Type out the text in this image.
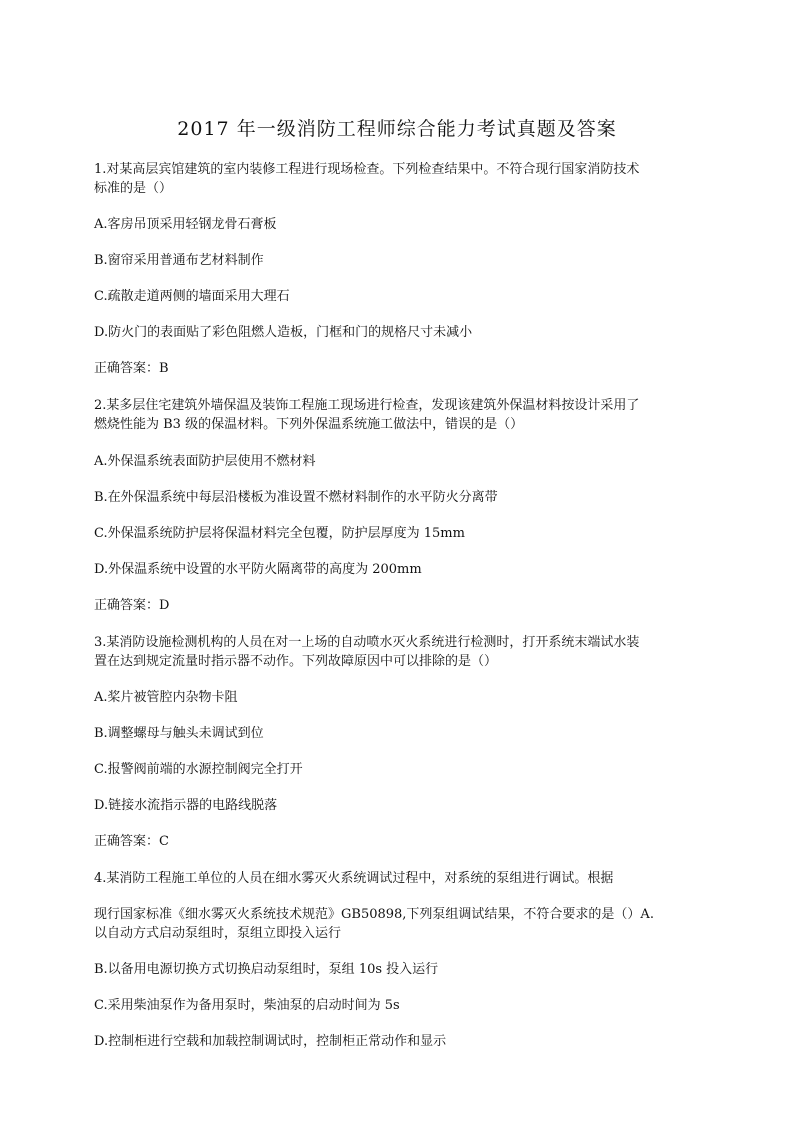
2017 年一级消防工程师综合能力考试真题及答案
1.对某高层宾馆建筑的室内装修工程进行现场检查。下列检查结果中。不符合现行国家消防技术
标准的是（）
A.客房吊顶采用轻钢龙骨石膏板
B.窗帘采用普通布艺材料制作
C.疏散走道两侧的墙面采用大理石
D.防火门的表面贴了彩色阻燃人造板，门框和门的规格尺寸未减小
正确答案：B
2.某多层住宅建筑外墙保温及装饰工程施工现场进行检查，发现该建筑外保温材料按设计采用了
燃烧性能为 B3 级的保温材料。下列外保温系统施工做法中，错误的是（）
A.外保温系统表面防护层使用不燃材料
B.在外保温系统中每层沿楼板为准设置不燃材料制作的水平防火分离带
C.外保温系统防护层将保温材料完全包覆，防护层厚度为 15mm
D.外保温系统中设置的水平防火隔离带的高度为 200mm
正确答案：D
3.某消防设施检测机构的人员在对一上场的自动喷水灭火系统进行检测时，打开系统末端试水装
置在达到规定流量时指示器不动作。下列故障原因中可以排除的是（）
A.桨片被管腔内杂物卡阻
B.调整螺母与触头未调试到位
C.报警阀前端的水源控制阀完全打开
D.链接水流指示器的电路线脱落
正确答案：C
4.某消防工程施工单位的人员在细水雾灭火系统调试过程中，对系统的泵组进行调试。根据
现行国家标准《细水雾灭火系统技术规范》GB50898,下列泵组调试结果，不符合要求的是（）A.
以自动方式启动泵组时，泵组立即投入运行
B.以备用电源切换方式切换启动泵组时，泵组 10s 投入运行
C.采用柴油泵作为备用泵时，柴油泵的启动时间为 5s
D.控制柜进行空载和加载控制调试时，控制柜正常动作和显示
